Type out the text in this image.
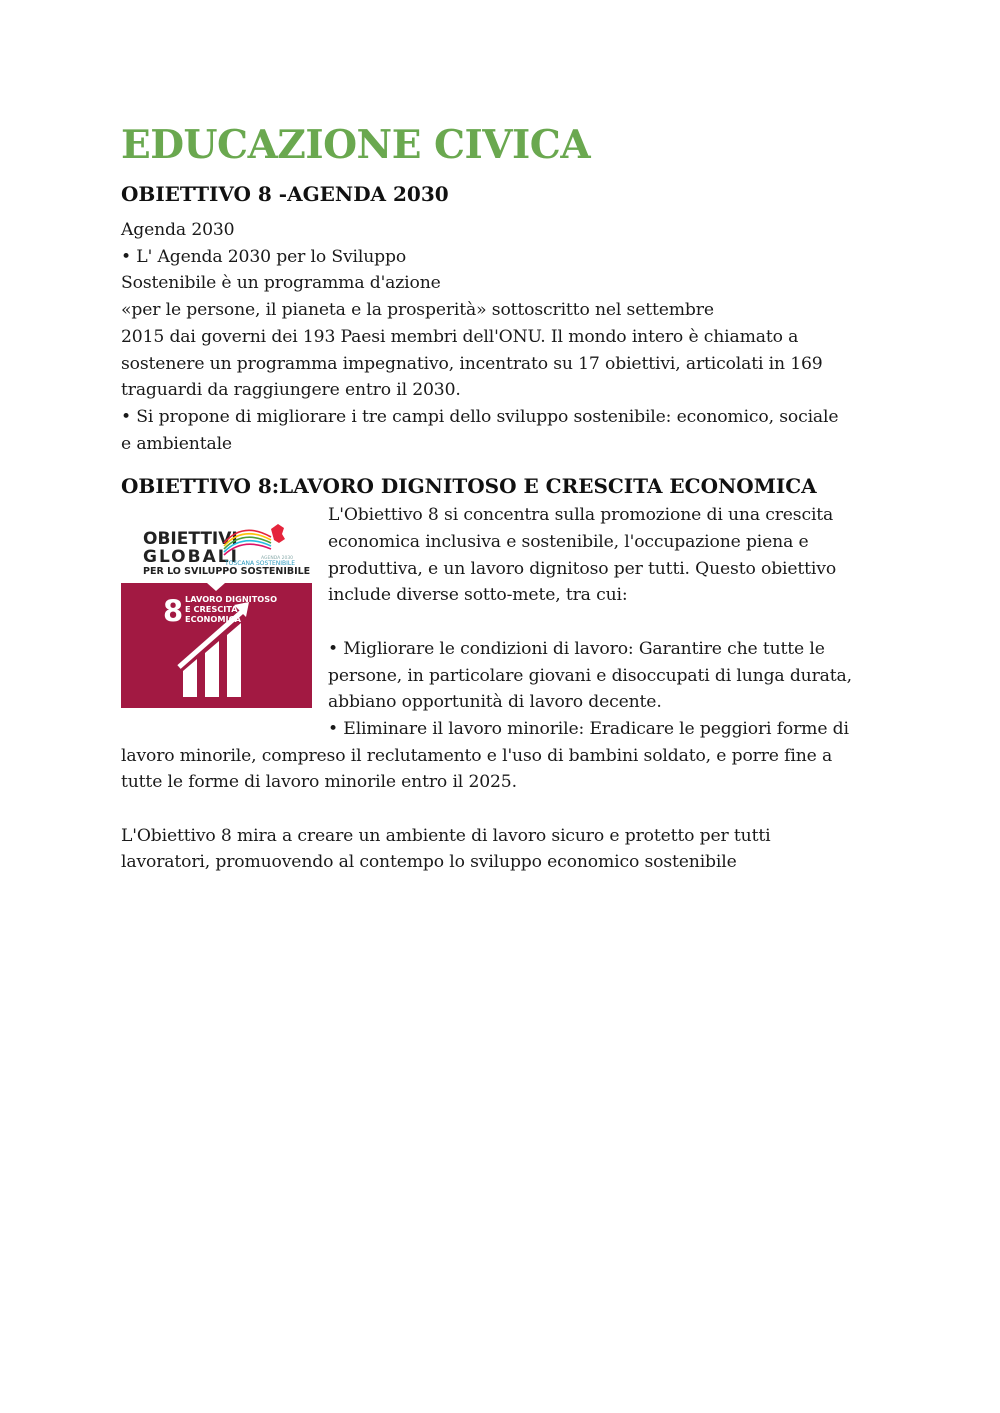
EDUCAZIONE CIVICA
OBIETTIVO 8 -AGENDA 2030
Agenda 2030
• L' Agenda 2030 per lo Sviluppo
Sostenibile è un programma d'azione
«per le persone, il pianeta e la prosperità» sottoscritto nel settembre
2015 dai governi dei 193 Paesi membri dell'ONU. Il mondo intero è chiamato a
sostenere un programma impegnativo, incentrato su 17 obiettivi, articolati in 169
traguardi da raggiungere entro il 2030.
• Si propone di migliorare i tre campi dello sviluppo sostenibile: economico, sociale
e ambientale
OBIETTIVO 8:LAVORO DIGNITOSO E CRESCITA ECONOMICA
OBIETTIVI
GLOBALI
PER LO SVILUPPO SOSTENIBILE
AGENDA 2030
TOSCANA SOSTENIBILE
8 LAVORO DIGNITOSO
E CRESCITA
ECONOMICA
L'Obiettivo 8 si concentra sulla promozione di una crescita
economica inclusiva e sostenibile, l'occupazione piena e
produttiva, e un lavoro dignitoso per tutti. Questo obiettivo
include diverse sotto-mete, tra cui:
• Migliorare le condizioni di lavoro: Garantire che tutte le
persone, in particolare giovani e disoccupati di lunga durata,
abbiano opportunità di lavoro decente.
• Eliminare il lavoro minorile: Eradicare le peggiori forme di
lavoro minorile, compreso il reclutamento e l'uso di bambini soldato, e porre fine a
tutte le forme di lavoro minorile entro il 2025.
L'Obiettivo 8 mira a creare un ambiente di lavoro sicuro e protetto per tutti
lavoratori, promuovendo al contempo lo sviluppo economico sostenibile
